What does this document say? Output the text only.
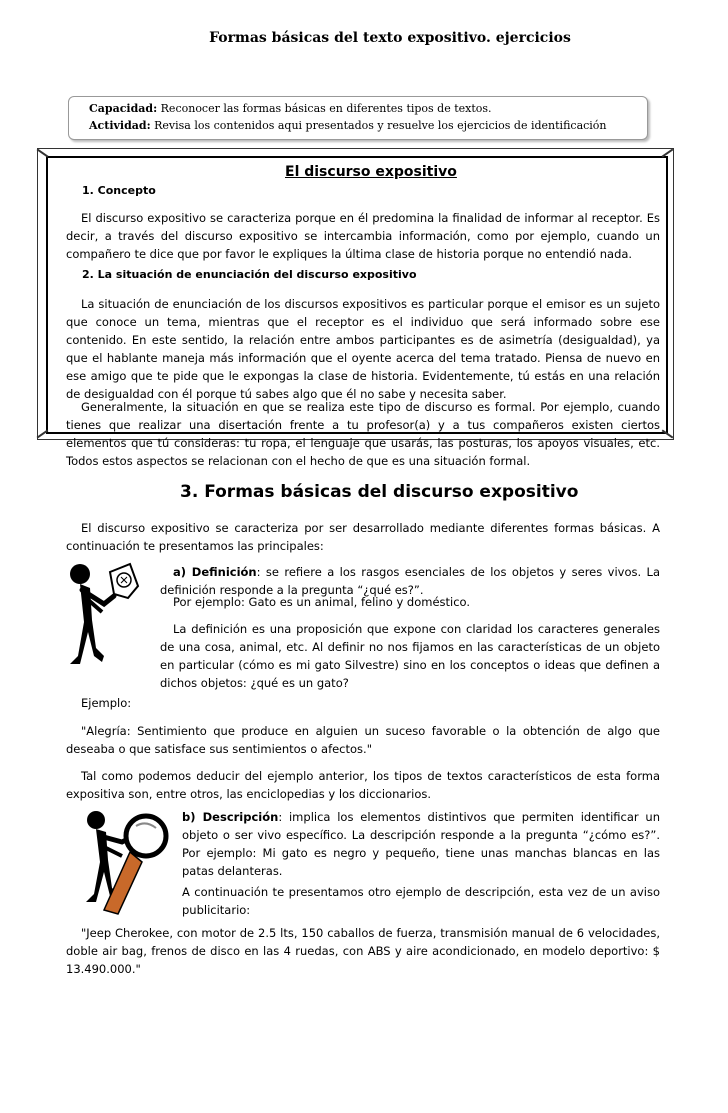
Formas básicas del texto expositivo. ejercicios
Capacidad: Reconocer las formas básicas en diferentes tipos de textos.
Actividad: Revisa los contenidos aqui presentados y resuelve los ejercicios de identificación
El discurso expositivo
1. Concepto
El discurso expositivo se caracteriza porque en él predomina la finalidad de informar al receptor. Es decir, a través del discurso expositivo se intercambia información, como por ejemplo, cuando un compañero te dice que por favor le expliques la última clase de historia porque no entendió nada.
2. La situación de enunciación del discurso expositivo
La situación de enunciación de los discursos expositivos es particular porque el emisor es un sujeto que conoce un tema, mientras que el receptor es el individuo que será informado sobre ese contenido. En este sentido, la relación entre ambos participantes es de asimetría (desigualdad), ya que el hablante maneja más información que el oyente acerca del tema tratado. Piensa de nuevo en ese amigo que te pide que le expongas la clase de historia. Evidentemente, tú estás en una relación de desigualdad con él porque tú sabes algo que él no sabe y necesita saber.
Generalmente, la situación en que se realiza este tipo de discurso es formal. Por ejemplo, cuando tienes que realizar una disertación frente a tu profesor(a) y a tus compañeros existen ciertos elementos que tú consideras: tu ropa, el lenguaje que usarás, las posturas, los apoyos visuales, etc. Todos estos aspectos se relacionan con el hecho de que es una situación formal.
3. Formas básicas del discurso expositivo
El discurso expositivo se caracteriza por ser desarrollado mediante diferentes formas básicas. A continuación te presentamos las principales:
a) Definición: se refiere a los rasgos esenciales de los objetos y seres vivos. La definición responde a la pregunta “¿qué es?”.
Por ejemplo: Gato es un animal, felino y doméstico.
La definición es una proposición que expone con claridad los caracteres generales de una cosa, animal, etc. Al definir no nos fijamos en las características de un objeto en particular (cómo es mi gato Silvestre) sino en los conceptos o ideas que definen a dichos objetos: ¿qué es un gato?
Ejemplo:
"Alegría: Sentimiento que produce en alguien un suceso favorable o la obtención de algo que deseaba o que satisface sus sentimientos o afectos."
Tal como podemos deducir del ejemplo anterior, los tipos de textos característicos de esta forma expositiva son, entre otros, las enciclopedias y los diccionarios.
b) Descripción: implica los elementos distintivos que permiten identificar un objeto o ser vivo específico. La descripción responde a la pregunta “¿cómo es?”. Por ejemplo: Mi gato es negro y pequeño, tiene unas manchas blancas en las patas delanteras.
A continuación te presentamos otro ejemplo de descripción, esta vez de un aviso publicitario:
"Jeep Cherokee, con motor de 2.5 lts, 150 caballos de fuerza, transmisión manual de 6 velocidades, doble air bag, frenos de disco en las 4 ruedas, con ABS y aire acondicionado, en modelo deportivo: $ 13.490.000."
